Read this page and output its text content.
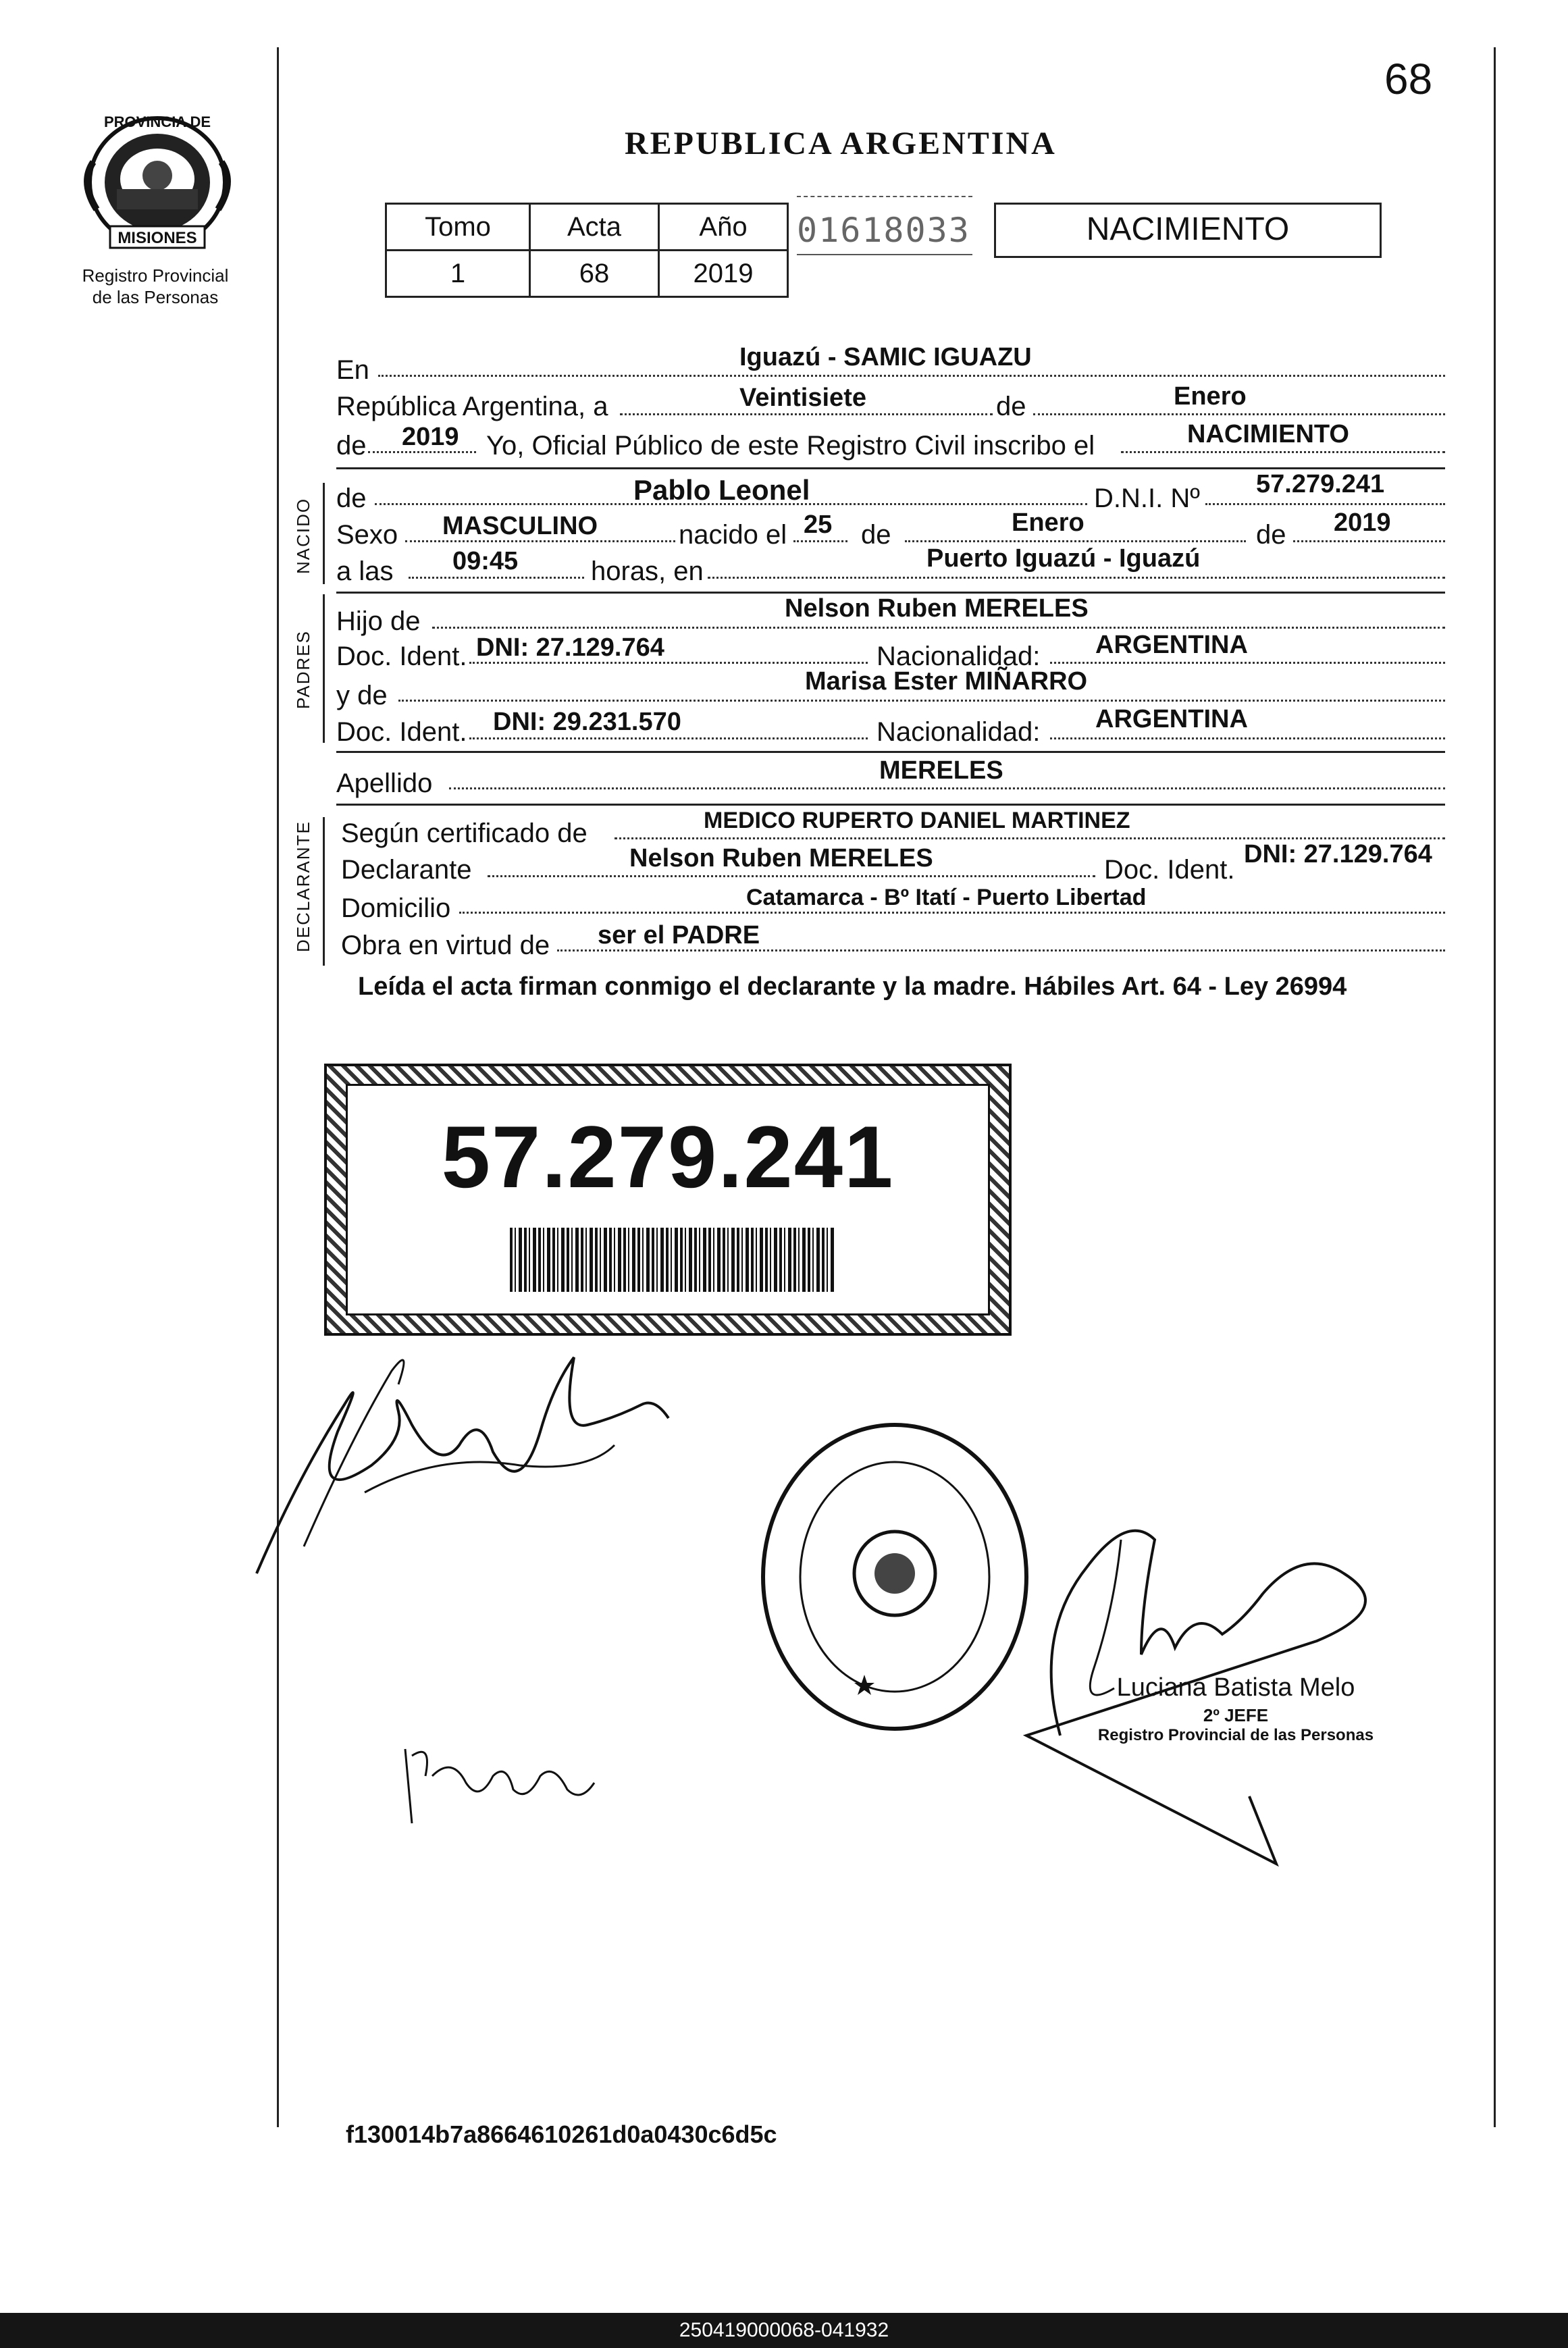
68
PROVINCIA DE
MISIONES
Registro Provincial
de las Personas
REPUBLICA ARGENTINA
Tomo	Acta	Año
1	68	2019
01618033	NACIMIENTO
NACIDO
PADRES
DECLARANTE
En	Iguazú - SAMIC IGUAZU
República Argentina, a	Veintisiete	de	Enero
de 2019 Yo, Oficial Público de este Registro Civil inscribo el	NACIMIENTO
de	Pablo Leonel	D.N.I. Nº 57.279.241
Sexo MASCULINO	nacido el 25 de	Enero	de 2019
a las 09:45	horas, en	Puerto Iguazú - Iguazú
Hijo de	Nelson Ruben MERELES
Doc. Ident. DNI: 27.129.764	Nacionalidad: ARGENTINA
y de	Marisa Ester MIÑARRO
Doc. Ident. DNI: 29.231.570	Nacionalidad: ARGENTINA
Apellido	MERELES
Según certificado de	MEDICO RUPERTO DANIEL MARTINEZ
Declarante	Nelson Ruben MERELES	Doc. Ident.
DNI: 27.129.764
Domicilio	Catamarca - Bº Itatí - Puerto Libertad
Obra en virtud de ser el PADRE
Leída el acta firman conmigo el declarante y la madre. Hábiles Art. 64 - Ley 26994
57.279.241
Luciana Batista Melo
2º JEFE
Registro Provincial de las Personas
f130014b7a8664610261d0a0430c6d5c
250419000068-041932
